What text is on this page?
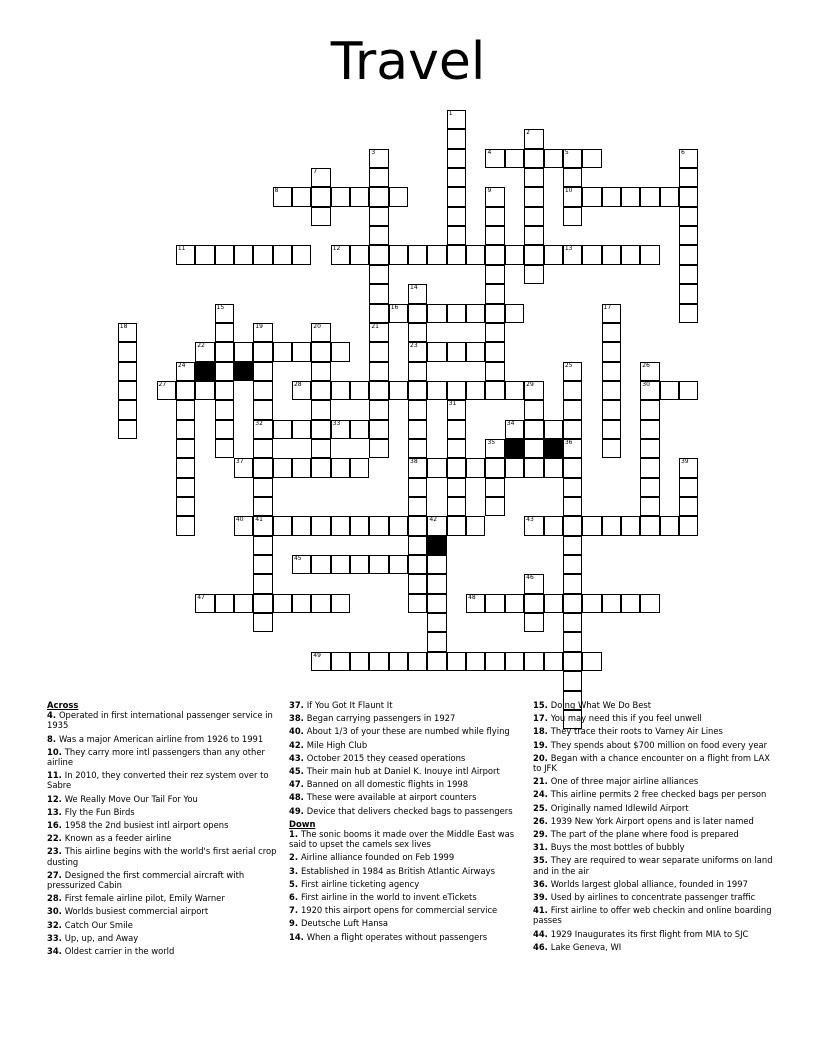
Travel
4	5
8	10
11	12	13
16
22	23
27	28	30
32	33	34
37	38
40 41	42	43
45
47	48
49
1
2
3
21
6
7
9
14
15	17
18	19	20
24	25	26
29
31
35	36
39
44
46
Across
4. Operated in first international passenger service in 1935
8. Was a major American airline from 1926 to 1991
10. They carry more intl passengers than any other airline
11. In 2010, they converted their rez system over to Sabre
12. We Really Move Our Tail For You
13. Fly the Fun Birds
16. 1958 the 2nd busiest intl airport opens
22. Known as a feeder airline
23. This airline begins with the world's first aerial crop dusting
27. Designed the first commercial aircraft with pressurized Cabin
28. First female airline pilot, Emily Warner
30. Worlds busiest commercial airport
32. Catch Our Smile
33. Up, up, and Away
34. Oldest carrier in the world
37. If You Got It Flaunt It
38. Began carrying passengers in 1927
40. About 1/3 of your these are numbed while flying
42. Mile High Club
43. October 2015 they ceased operations
45. Their main hub at Daniel K. Inouye intl Airport
47. Banned on all domestic flights in 1998
48. These were available at airport counters
49. Device that delivers checked bags to passengers
Down
1. The sonic booms it made over the Middle East was said to upset the camels sex lives
2. Airline alliance founded on Feb 1999
3. Established in 1984 as British Atlantic Airways
5. First airline ticketing agency
6. First airline in the world to invent eTickets
7. 1920 this airport opens for commercial service
9. Deutsche Luft Hansa
14. When a flight operates without passengers
15. Doing What We Do Best
17. You may need this if you feel unwell
18. They trace their roots to Varney Air Lines
19. They spends about $700 million on food every year
20. Began with a chance encounter on a flight from LAX to JFK
21. One of three major airline alliances
24. This airline permits 2 free checked bags per person
25. Originally named Idlewild Airport
26. 1939 New York Airport opens and is later named
29. The part of the plane where food is prepared
31. Buys the most bottles of bubbly
35. They are required to wear separate uniforms on land and in the air
36. Worlds largest global alliance, founded in 1997
39. Used by airlines to concentrate passenger traffic
41. First airline to offer web checkin and online boarding passes
44. 1929 Inaugurates its first flight from MIA to SJC
46. Lake Geneva, WI
